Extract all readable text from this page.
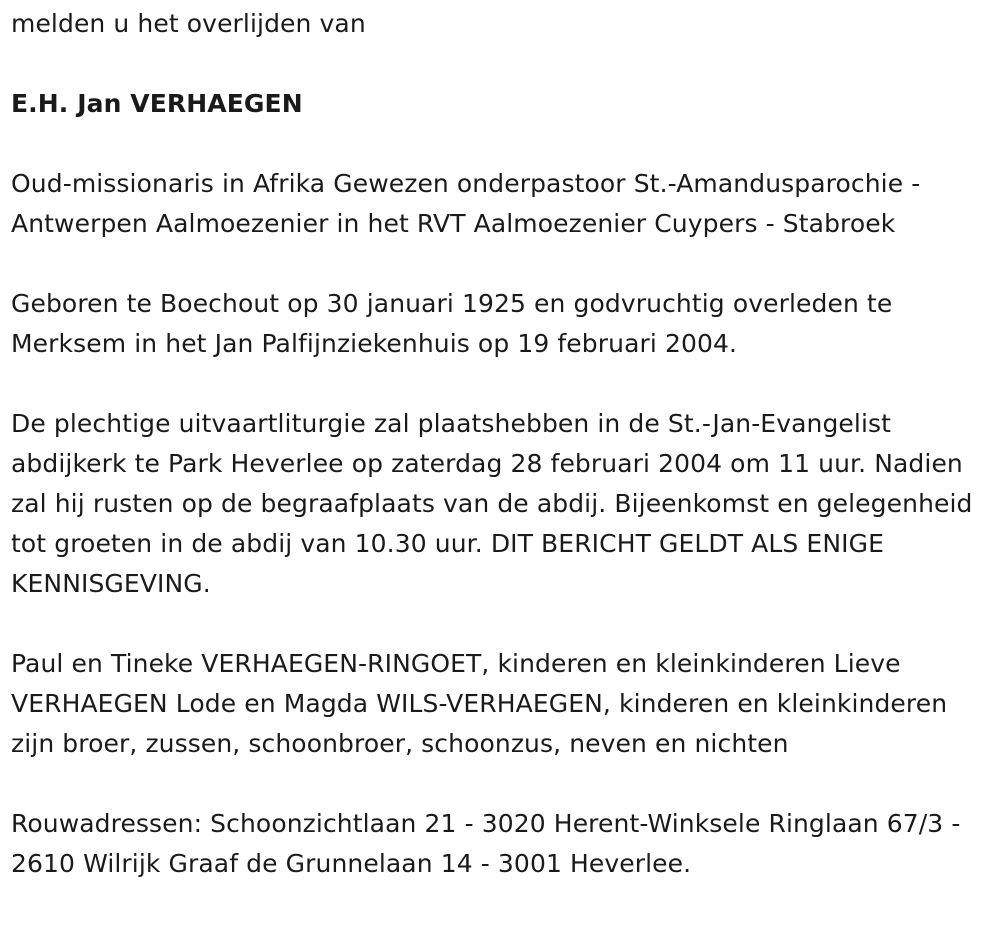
melden u het overlijden van

E.H. Jan VERHAEGEN

Oud-missionaris in Afrika Gewezen onderpastoor St.-Amandusparochie - Antwerpen Aalmoezenier in het RVT Aalmoezenier Cuypers - Stabroek

Geboren te Boechout op 30 januari 1925 en godvruchtig overleden te Merksem in het Jan Palfijnziekenhuis op 19 februari 2004.

De plechtige uitvaartliturgie zal plaatshebben in de St.-Jan-Evangelist abdijkerk te Park Heverlee op zaterdag 28 februari 2004 om 11 uur. Nadien zal hij rusten op de begraafplaats van de abdij. Bijeenkomst en gelegenheid tot groeten in de abdij van 10.30 uur. DIT BERICHT GELDT ALS ENIGE KENNISGEVING.

Paul en Tineke VERHAEGEN-RINGOET, kinderen en kleinkinderen Lieve VERHAEGEN Lode en Magda WILS-VERHAEGEN, kinderen en kleinkinderen zijn broer, zussen, schoonbroer, schoonzus, neven en nichten

Rouwadressen: Schoonzichtlaan 21 - 3020 Herent-Winksele Ringlaan 67/3 - 2610 Wilrijk Graaf de Grunnelaan 14 - 3001 Heverlee.
